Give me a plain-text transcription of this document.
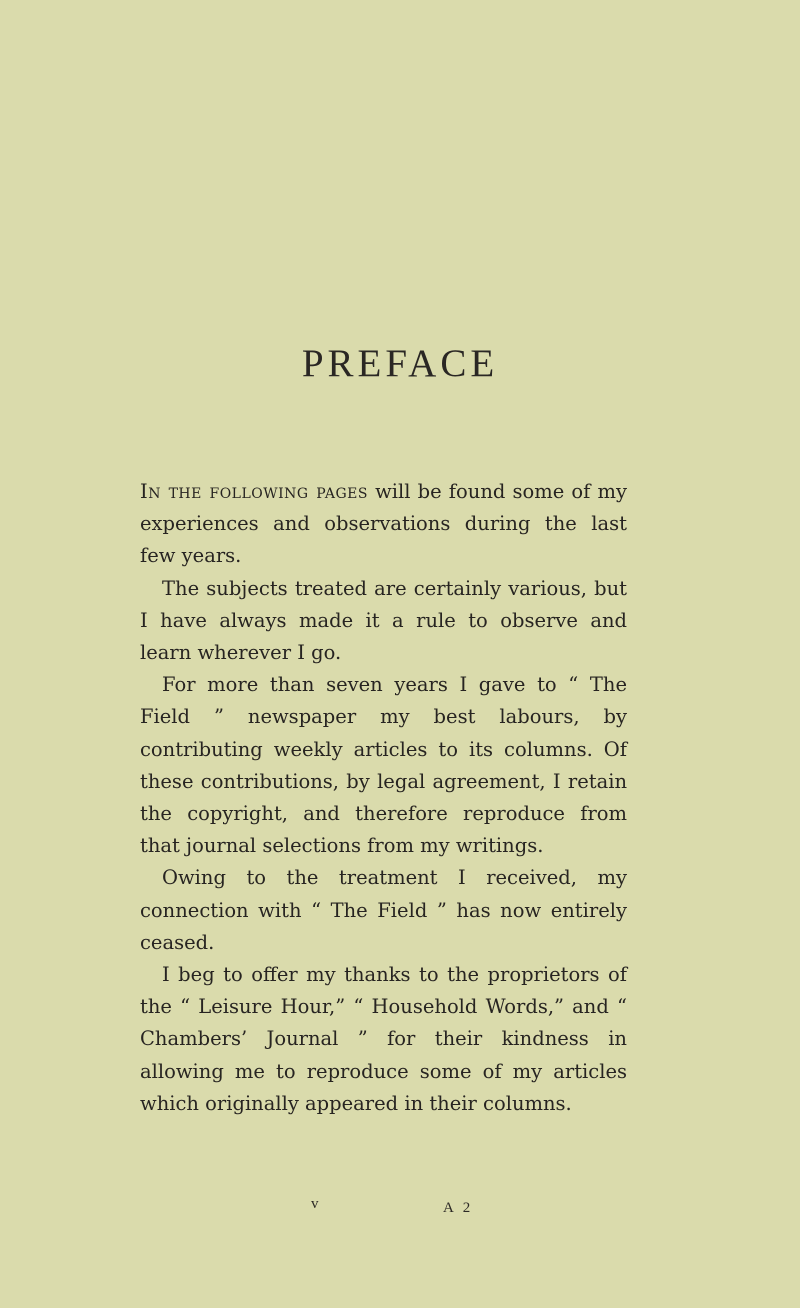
PREFACE

In the following pages will be found some of my experiences and observations during the last few years.

The subjects treated are certainly various, but I have always made it a rule to observe and learn wherever I go.

For more than seven years I gave to “ The Field ” newspaper my best labours, by contributing weekly articles to its columns. Of these contributions, by legal agreement, I retain the copyright, and therefore reproduce from that journal selections from my writings.

Owing to the treatment I received, my connection with “ The Field ” has now entirely ceased.

I beg to offer my thanks to the proprietors of the “ Leisure Hour,” “ Household Words,” and “ Chambers’ Journal ” for their kindness in allowing me to reproduce some of my articles which originally appeared in their columns.

v	A 2
